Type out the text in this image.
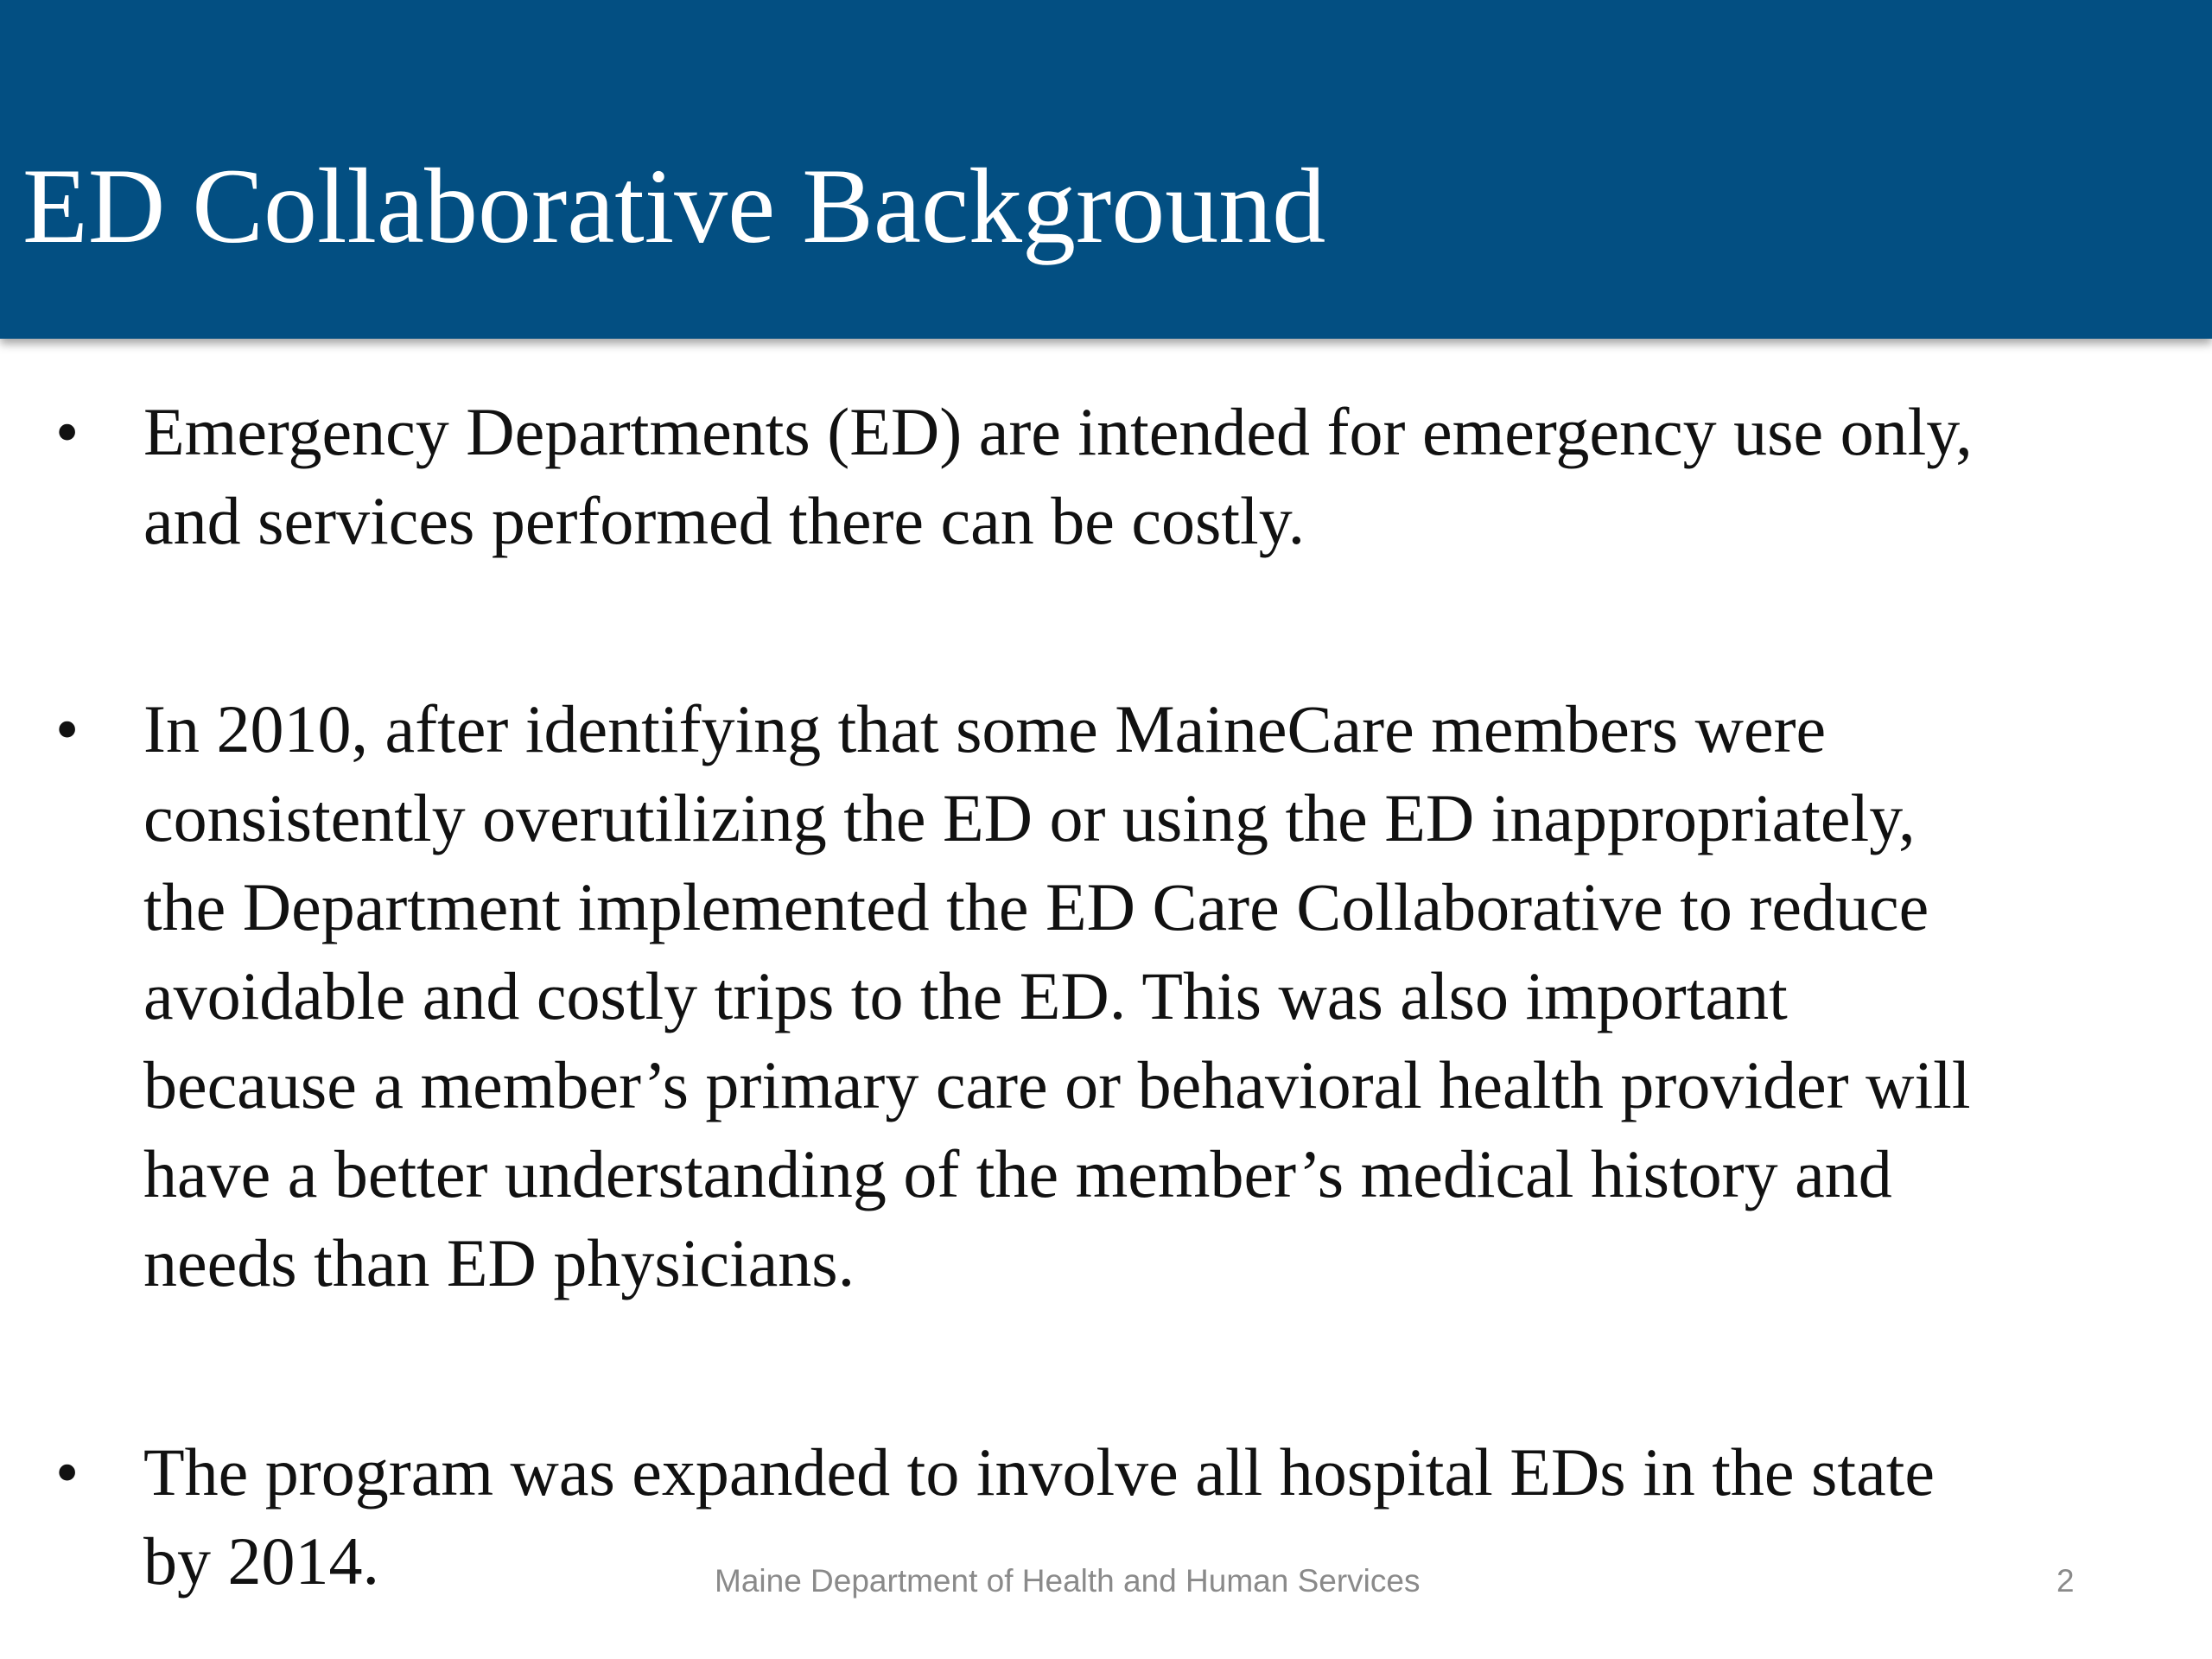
ED Collaborative Background
• Emergency Departments (ED) are intended for emergency use only,
and services performed there can be costly.

• In 2010, after identifying that some MaineCare members were
consistently overutilizing the ED or using the ED inappropriately,
the Department implemented the ED Care Collaborative to reduce
avoidable and costly trips to the ED. This was also important
because a member’s primary care or behavioral health provider will
have a better understanding of the member’s medical history and
needs than ED physicians.

• The program was expanded to involve all hospital EDs in the state
by 2014.	Maine Department of Health and Human Services	2
